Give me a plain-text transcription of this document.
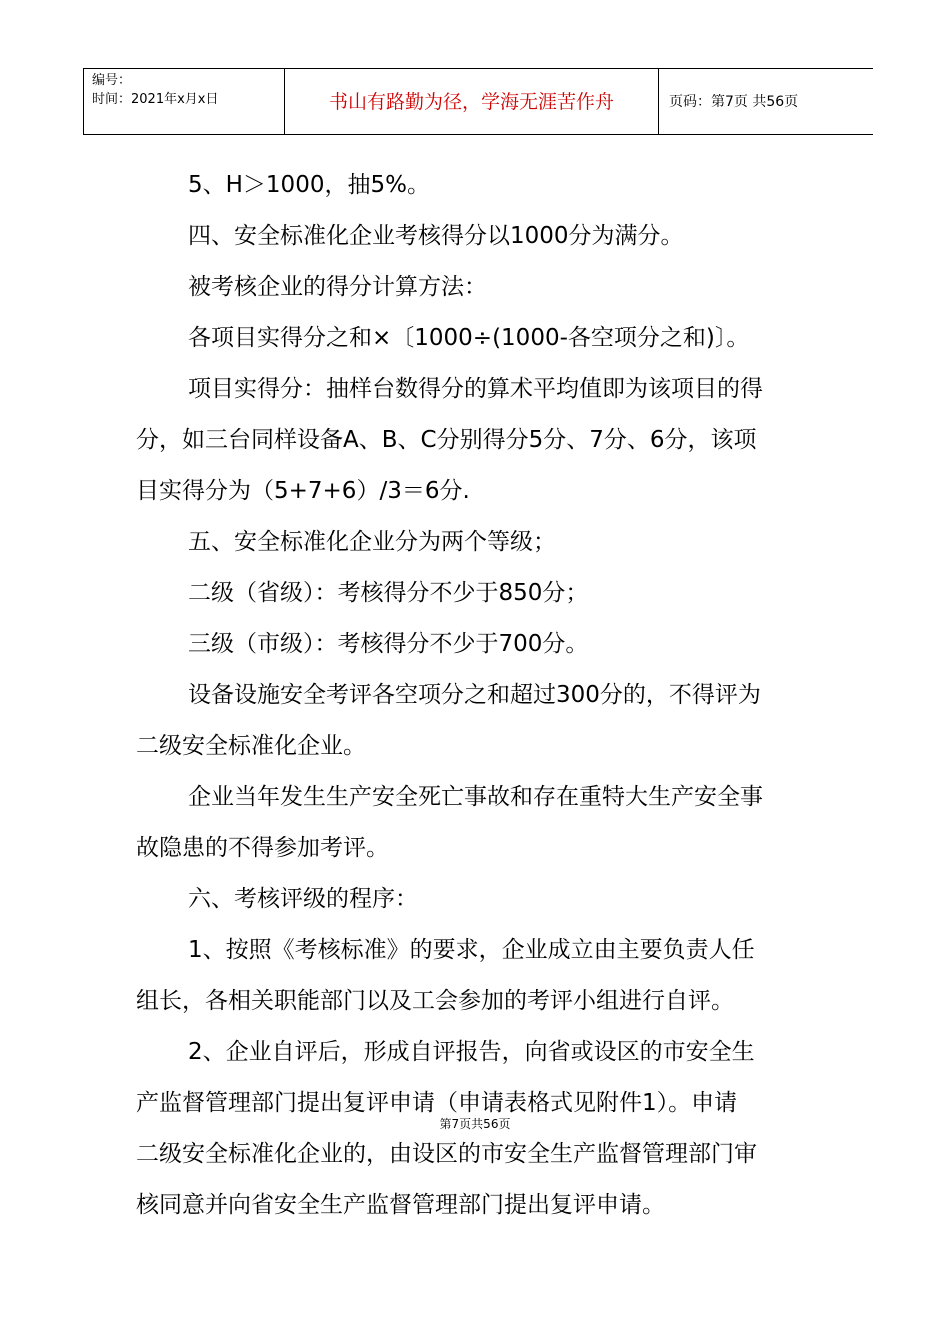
编号：
时间：2021年x月x日	书山有路勤为径，学海无涯苦作舟	页码：第7页 共56页
5、H＞1000，抽5%。
四、安全标准化企业考核得分以1000分为满分。
被考核企业的得分计算方法：
各项目实得分之和×〔1000÷(1000-各空项分之和)〕。
项目实得分：抽样台数得分的算术平均值即为该项目的得
分，如三台同样设备A、B、C分别得分5分、7分、6分，该项
目实得分为（5+7+6）/3＝6分.
五、安全标准化企业分为两个等级；
二级（省级）：考核得分不少于850分；
三级（市级）：考核得分不少于700分。
设备设施安全考评各空项分之和超过300分的，不得评为
二级安全标准化企业。
企业当年发生生产安全死亡事故和存在重特大生产安全事
故隐患的不得参加考评。
六、考核评级的程序：
1、按照《考核标准》的要求，企业成立由主要负责人任
组长，各相关职能部门以及工会参加的考评小组进行自评。
2、企业自评后，形成自评报告，向省或设区的市安全生
产监督管理部门提出复评申请（申请表格式见附件1）。申请
二级安全标准化企业的，由设区的市安全生产监督管理部门审
核同意并向省安全生产监督管理部门提出复评申请。
第7页共56页
